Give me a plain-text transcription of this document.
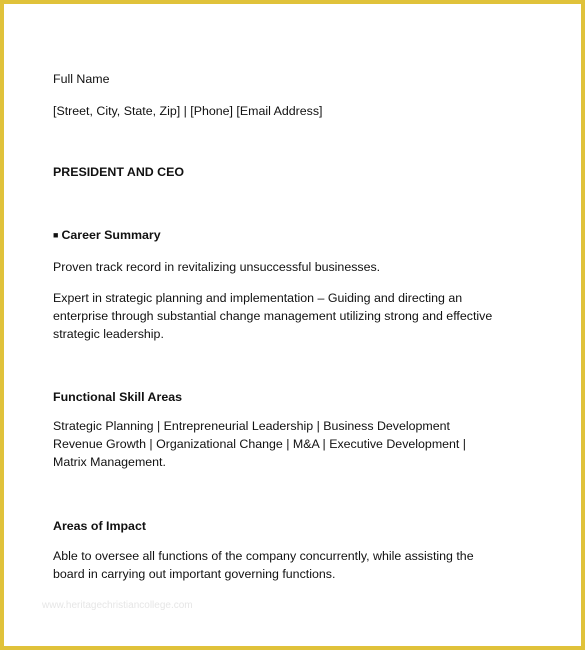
Full Name
[Street, City, State, Zip] | [Phone] [Email Address]
PRESIDENT AND CEO
■ Career Summary
Proven track record in revitalizing unsuccessful businesses.
Expert in strategic planning and implementation – Guiding and directing an
enterprise through substantial change management utilizing strong and effective
strategic leadership.
Functional Skill Areas
Strategic Planning | Entrepreneurial Leadership | Business Development
Revenue Growth | Organizational Change | M&A | Executive Development |
Matrix Management.
Areas of Impact
Able to oversee all functions of the company concurrently, while assisting the
board in carrying out important governing functions.
www.heritagechristiancollege.com
